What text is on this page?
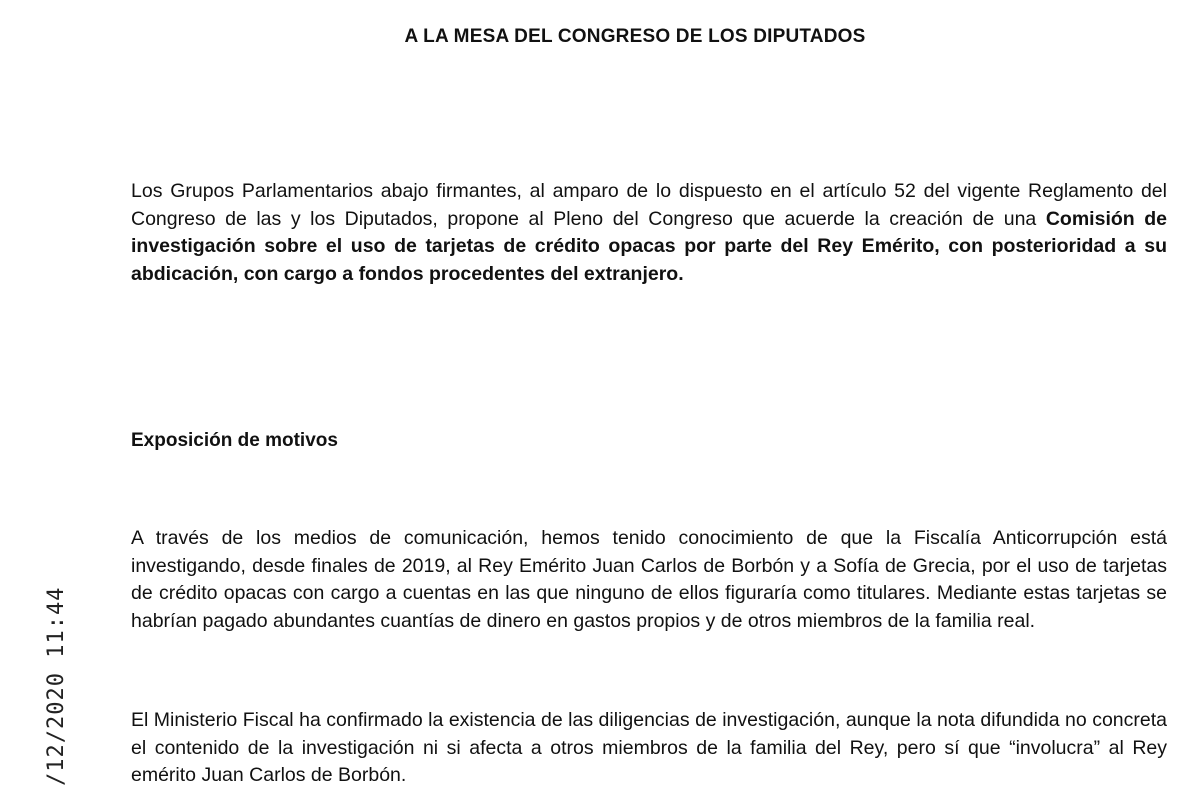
A LA MESA DEL CONGRESO DE LOS DIPUTADOS

Los Grupos Parlamentarios abajo firmantes, al amparo de lo dispuesto en el artículo 52 del vigente Reglamento del Congreso de las y los Diputados, propone al Pleno del Congreso que acuerde la creación de una Comisión de investigación sobre el uso de tarjetas de crédito opacas por parte del Rey Emérito, con posterioridad a su abdicación, con cargo a fondos procedentes del extranjero.

Exposición de motivos

A través de los medios de comunicación, hemos tenido conocimiento de que la Fiscalía Anticorrupción está investigando, desde finales de 2019, al Rey Emérito Juan Carlos de Borbón y a Sofía de Grecia, por el uso de tarjetas de crédito opacas con cargo a cuentas en las que ninguno de ellos figuraría como titulares. Mediante estas tarjetas se habrían pagado abundantes cuantías de dinero en gastos propios y de otros miembros de la familia real.

El Ministerio Fiscal ha confirmado la existencia de las diligencias de investigación, aunque la nota difundida no concreta el contenido de la investigación ni si afecta a otros miembros de la familia del Rey, pero sí que “involucra” al Rey emérito Juan Carlos de Borbón.

/12/2020 11:44
